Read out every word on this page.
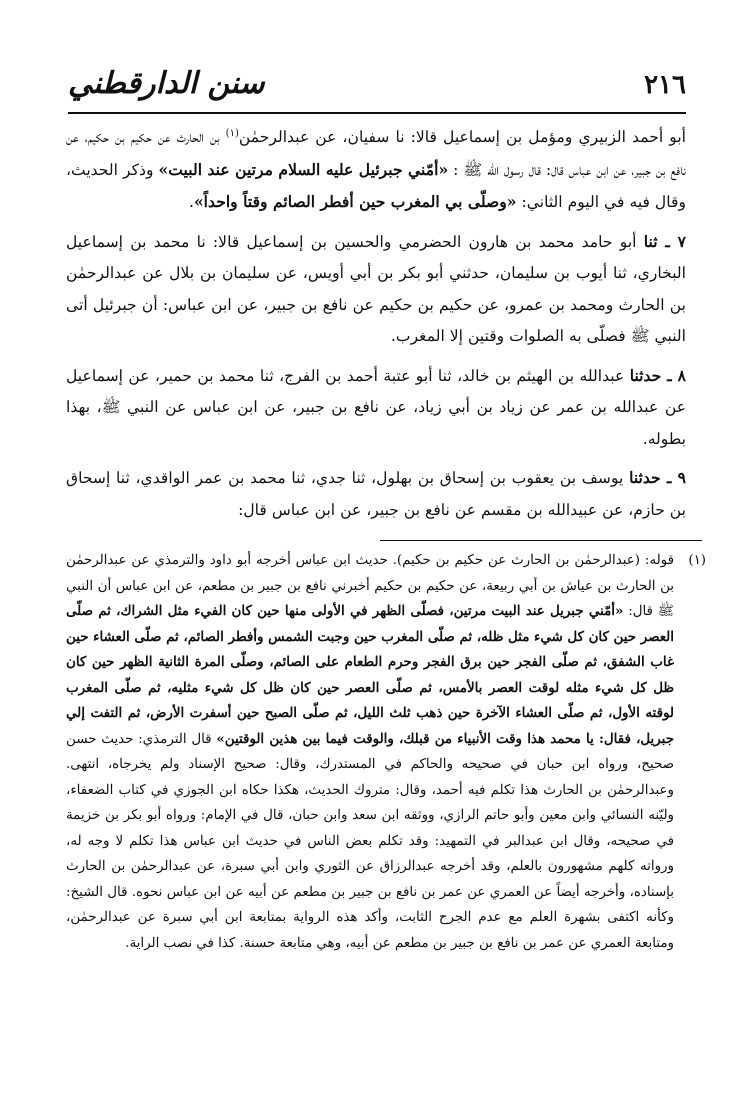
٢١٦
سنن الدارقطني

أبو أحمد الزبيري ومؤمل بن إسماعيل قالا: نا سفيان، عن عبدالرحمٰن$^{(١)}$ بن الحارث عن حكيم بن حكيم، عن نافع بن جبير، عن ابن عباس قال: قال رسول الله ﷺ : «أمّني جبرئيل عليه السلام مرتين عند البيت» وذكر الحديث، وقال فيه في اليوم الثاني: «وصلّى بي المغرب حين أفطر الصائم وقتاً واحداً».

٧ ـ ثنا أبو حامد محمد بن هارون الحضرمي والحسين بن إسماعيل قالا: نا محمد بن إسماعيل البخاري، ثنا أيوب بن سليمان، حدثني أبو بكر بن أبي أويس، عن سليمان بن بلال عن عبدالرحمٰن بن الحارث ومحمد بن عمرو، عن حكيم بن حكيم عن نافع بن جبير، عن ابن عباس: أن جبرئيل أتى النبي ﷺ فصلّى به الصلوات وقتين إلا المغرب.

٨ ـ حدثنا عبدالله بن الهيثم بن خالد، ثنا أبو عتبة أحمد بن الفرج، ثنا محمد بن حمير، عن إسماعيل عن عبدالله بن عمر عن زياد بن أبي زياد، عن نافع بن جبير، عن ابن عباس عن النبي ﷺ، بهذا بطوله.

٩ ـ حدثنا يوسف بن يعقوب بن إسحاق بن بهلول، ثنا جدي، ثنا محمد بن عمر الواقدي، ثنا إسحاق بن حازم، عن عبيدالله بن مقسم عن نافع بن جبير، عن ابن عباس قال:

(١)
قوله: (عبدالرحمٰن بن الحارث عن حكيم بن حكيم). حديث ابن عباس أخرجه أبو داود والترمذي عن عبدالرحمٰن بن الحارث بن عياش بن أبي ربيعة، عن حكيم بن حكيم أخبرني نافع بن جبير بن مطعم، عن ابن عباس أن النبي ﷺ قال: «أمّني جبريل عند البيت مرتين، فصلّى الظهر في الأولى منها حين كان الفيء مثل الشراك، ثم صلّى العصر حين كان كل شيء مثل ظله، ثم صلّى المغرب حين وجبت الشمس وأفطر الصائم، ثم صلّى العشاء حين غاب الشفق، ثم صلّى الفجر حين برق الفجر وحرم الطعام على الصائم، وصلّى المرة الثانية الظهر حين كان ظل كل شيء مثله لوقت العصر بالأمس، ثم صلّى العصر حين كان ظل كل شيء مثليه، ثم صلّى المغرب لوقته الأول، ثم صلّى العشاء الآخرة حين ذهب ثلث الليل، ثم صلّى الصبح حين أسفرت الأرض، ثم التفت إلي جبريل، فقال: يا محمد هذا وقت الأنبياء من قبلك، والوقت فيما بين هذين الوقتين» قال الترمذي: حديث حسن صحيح، ورواه ابن حبان في صحيحه والحاكم في المستدرك، وقال: صحيح الإسناد ولم يخرجاه، انتهى. وعبدالرحمٰن بن الحارث هذا تكلم فيه أحمد، وقال: متروك الحديث، هكذا حكاه ابن الجوزي في كتاب الضعفاء، وليّنه النسائي وابن معين وأبو حاتم الرازي، ووثقه ابن سعد وابن حبان، قال في الإمام: ورواه أبو بكر بن خزيمة في صحيحه، وقال ابن عبدالبر في التمهيد: وقد تكلم بعض الناس في حديث ابن عباس هذا تكلم لا وجه له، ورواته كلهم مشهورون بالعلم، وقد أخرجه عبدالرزاق عن الثوري وابن أبي سبرة، عن عبدالرحمٰن بن الحارث بإسناده، وأخرجه أيضاً عن العمري عن عمر بن نافع بن جبير بن مطعم عن أبيه عن ابن عباس نحوه. قال الشيخ: وكأنه اكتفى بشهرة العلم مع عدم الجرح الثابت، وأكد هذه الرواية بمتابعة ابن أبي سبرة عن عبدالرحمٰن، ومتابعة العمري عن عمر بن نافع بن جبير بن مطعم عن أبيه، وهي متابعة حسنة. كذا في نصب الراية.
